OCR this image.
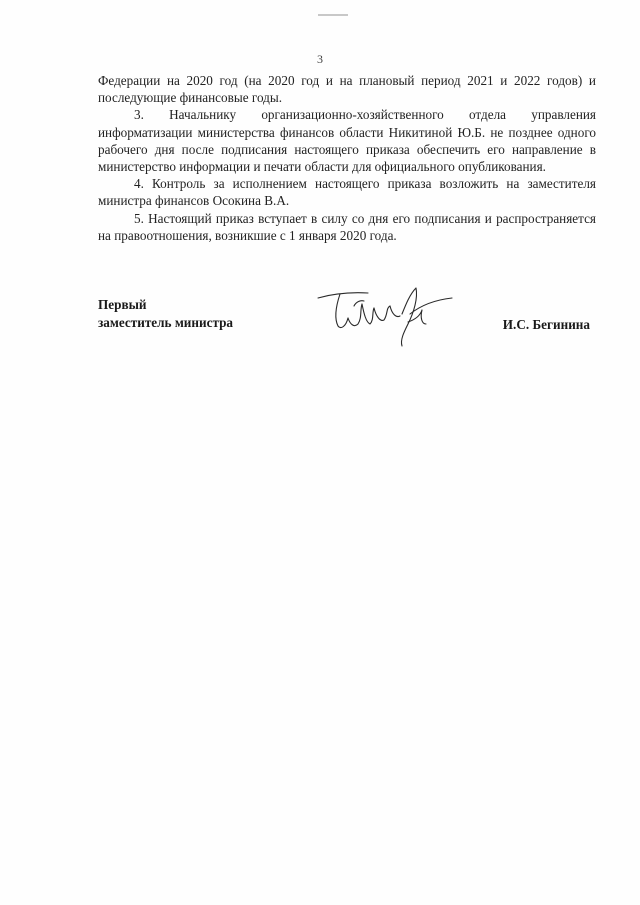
3

Федерации на 2020 год (на 2020 год и на плановый период 2021 и 2022 годов) и последующие финансовые годы.

3. Начальнику организационно-хозяйственного отдела управления информатизации министерства финансов области Никитиной Ю.Б. не позднее одного рабочего дня после подписания настоящего приказа обеспечить его направление в министерство информации и печати области для официального опубликования.

4. Контроль за исполнением настоящего приказа возложить на заместителя министра финансов Осокина В.А.

5. Настоящий приказ вступает в силу со дня его подписания и распространяется на правоотношения, возникшие с 1 января 2020 года.

Первый
заместитель министра	И.С. Бегинина
